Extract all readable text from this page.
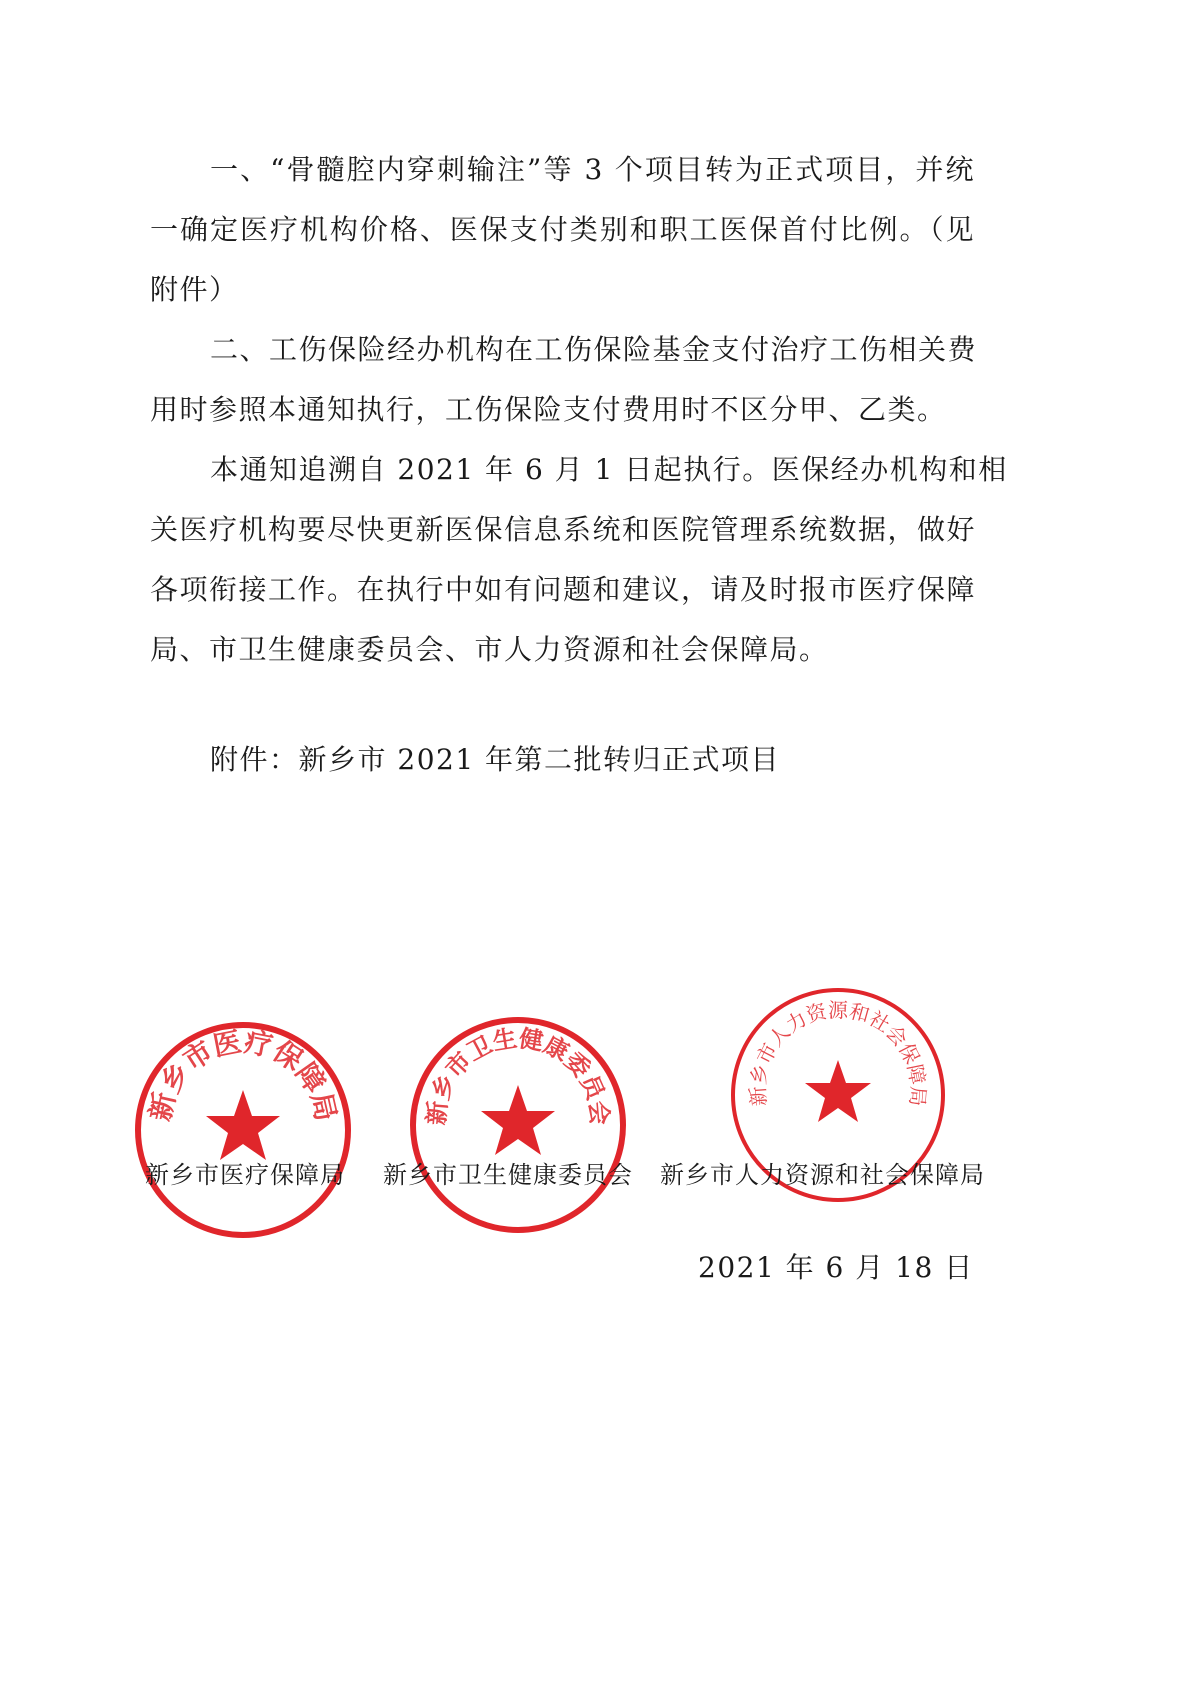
一、“骨髓腔内穿刺输注”等 3 个项目转为正式项目，并统

一确定医疗机构价格、医保支付类别和职工医保首付比例。（见

附件）

二、工伤保险经办机构在工伤保险基金支付治疗工伤相关费

用时参照本通知执行，工伤保险支付费用时不区分甲、乙类。

本通知追溯自 2021 年 6 月 1 日起执行。医保经办机构和相

关医疗机构要尽快更新医保信息系统和医院管理系统数据，做好

各项衔接工作。在执行中如有问题和建议，请及时报市医疗保障

局、市卫生健康委员会、市人力资源和社会保障局。

附件：新乡市 2021 年第二批转归正式项目

新乡市医疗保障局	新乡市卫生健康委员会
新乡市人力资源和社会保障局
新乡市医疗保障局 新乡市卫生健康委员会 新乡市人力资源和社会保障局

2021 年 6 月 18 日
